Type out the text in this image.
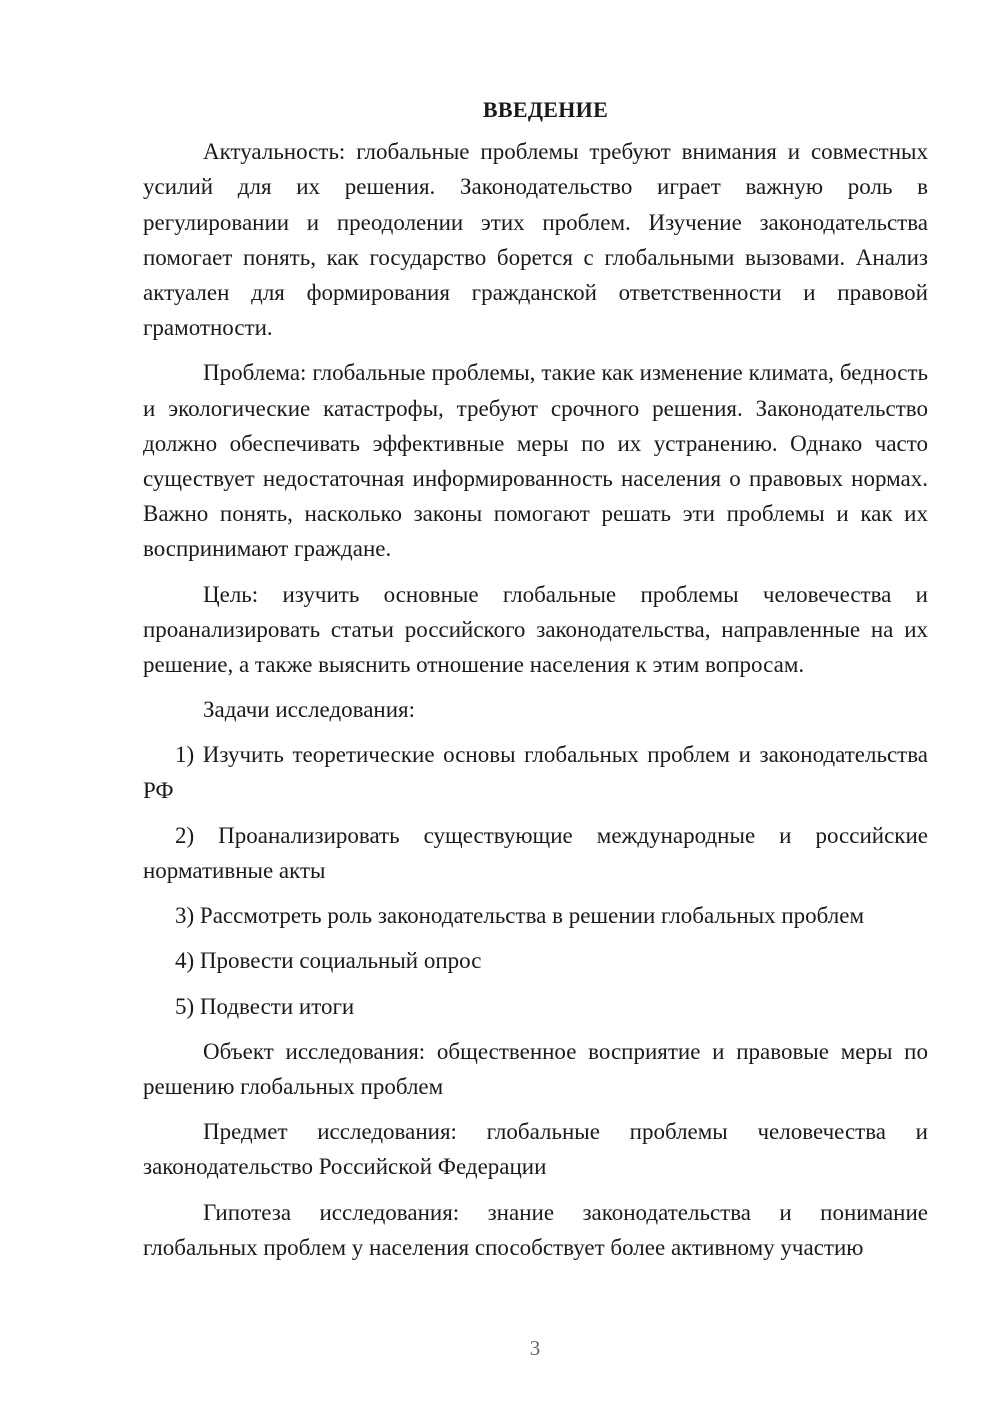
ВВЕДЕНИЕ

Актуальность: глобальные проблемы требуют внимания и совместных усилий для их решения. Законодательство играет важную роль в регулировании и преодолении этих проблем. Изучение законодательства помогает понять, как государство борется с глобальными вызовами. Анализ актуален для формирования гражданской ответственности и правовой грамотности.

Проблема: глобальные проблемы, такие как изменение климата, бедность и экологические катастрофы, требуют срочного решения. Законодательство должно обеспечивать эффективные меры по их устранению. Однако часто существует недостаточная информированность населения о правовых нормах. Важно понять, насколько законы помогают решать эти проблемы и как их воспринимают граждане.

Цель: изучить основные глобальные проблемы человечества и проанализировать статьи российского законодательства, направленные на их решение, а также выяснить отношение населения к этим вопросам.

Задачи исследования:

1) Изучить теоретические основы глобальных проблем и законодательства РФ

2) Проанализировать существующие международные и российские нормативные акты

3) Рассмотреть роль законодательства в решении глобальных проблем

4) Провести социальный опрос

5) Подвести итоги

Объект исследования: общественное восприятие и правовые меры по решению глобальных проблем

Предмет исследования: глобальные проблемы человечества и законодательство Российской Федерации

Гипотеза исследования: знание законодательства и понимание глобальных проблем у населения способствует более активному участию

3
